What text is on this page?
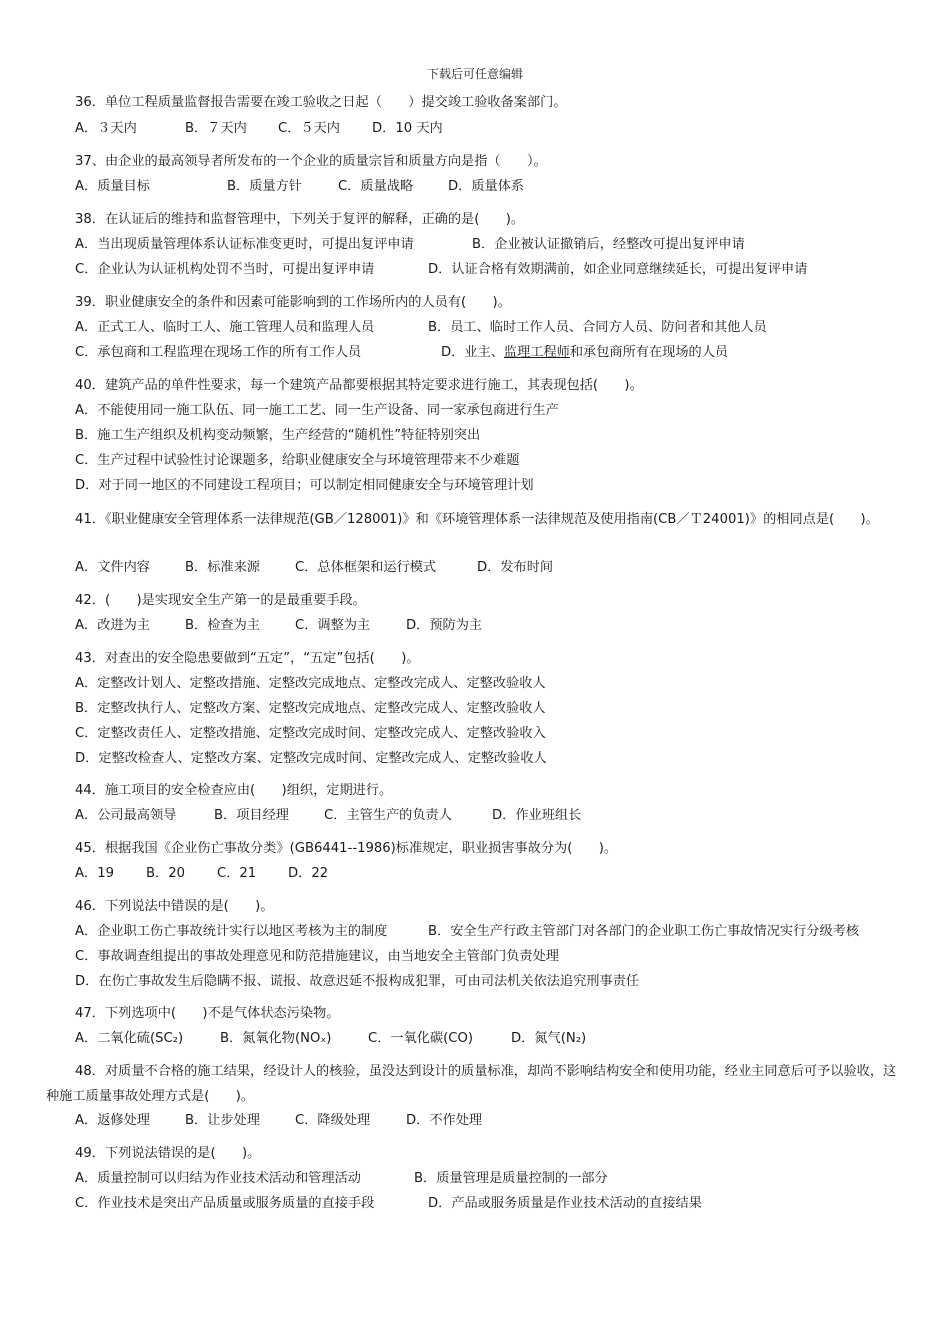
下载后可任意编辑
36．单位工程质量监督报告需要在竣工验收之日起（　　）提交竣工验收备案部门。
A．３天内	B．７天内 C．５天内 D．10 天内
37、由企业的最高领导者所发布的一个企业的质量宗旨和质量方向是指（　　）。
A．质量目标	B．质量方针	C．质量战略	D．质量体系
38．在认证后的维持和监督管理中，下列关于复评的解释，正确的是(　　)。
A．当出现质量管理体系认证标准变更时，可提出复评申请	B．企业被认证撤销后，经整改可提出复评申请
C．企业认为认证机构处罚不当时，可提出复评申请	D．认证合格有效期满前，如企业同意继续延长，可提出复评申请
39．职业健康安全的条件和因素可能影响到的工作场所内的人员有(　　)。
A．正式工人、临时工人、施工管理人员和监理人员	B．员工、临时工作人员、合同方人员、防问者和其他人员
C．承包商和工程监理在现场工作的所有工作人员	D．业主、监理工程师和承包商所有在现场的人员
40．建筑产品的单件性要求，每一个建筑产品都要根据其特定要求进行施工，其表现包括(　　)。
A．不能使用同一施工队伍、同一施工工艺、同一生产设备、同一家承包商进行生产
B．施工生产组织及机构变动频繁，生产经营的“随机性”特征特别突出
C．生产过程中试验性讨论课题多，给职业健康安全与环境管理带来不少难题
D．对于同一地区的不同建设工程项目；可以制定相同健康安全与环境管理计划
41．《职业健康安全管理体系一法律规范(GB／128001)》和《环境管理体系一法律规范及使用指南(CB／Ｔ24001)》的相同点是(　　)。
A．文件内容	B．标准来源	C．总体框架和运行模式	D．发布时间
42．(　　)是实现安全生产第一的是最重要手段。
A．改进为主	B．检查为主	C．调整为主	D．预防为主
43．对查出的安全隐患要做到“五定”，“五定”包括(　　)。
A．定整改计划人、定整改措施、定整改完成地点、定整改完成人、定整改验收人
B．定整改执行人、定整改方案、定整改完成地点、定整改完成人、定整改验收人
C．定整改责任人、定整改措施、定整改完成时间、定整改完成人、定整改验收入
D．定整改检查人、定整改方案、定整改完成时间、定整改完成人、定整改验收人
44．施工项目的安全检查应由(　　)组织，定期进行。
A．公司最高领导	B．项目经理	C．主管生产的负责人	D．作业班组长
45．根据我国《企业伤亡事故分类》(GB6441--1986)标准规定，职业损害事故分为(　　)。
A．19 B．20 C．21 D．22
46．下列说法中错误的是(　　)。
A．企业职工伤亡事故统计实行以地区考核为主的制度	B．安全生产行政主管部门对各部门的企业职工伤亡事故情况实行分级考核
C．事故调查组提出的事故处理意见和防范措施建议，由当地安全主管部门负责处理
D．在伤亡事故发生后隐瞒不报、谎报、故意迟延不报构成犯罪，可由司法机关依法追究刑事责任
47．下列选项中(　　)不是气体状态污染物。
A．二氧化硫(SC₂)	B．氮氧化物(NOₓ)	C．一氧化碳(CO)	D．氮气(N₂)
48．对质量不合格的施工结果，经设计人的核验，虽没达到设计的质量标准，却尚不影响结构安全和使用功能，经业主同意后可予以验收，这种施工质量事故处理方式是(　　)。
A．返修处理	B．让步处理	C．降级处理	D．不作处理
49．下列说法错误的是(　　)。
A．质量控制可以归结为作业技术活动和管理活动	B．质量管理是质量控制的一部分
C．作业技术是突出产品质量或服务质量的直接手段	D．产品或服务质量是作业技术活动的直接结果
